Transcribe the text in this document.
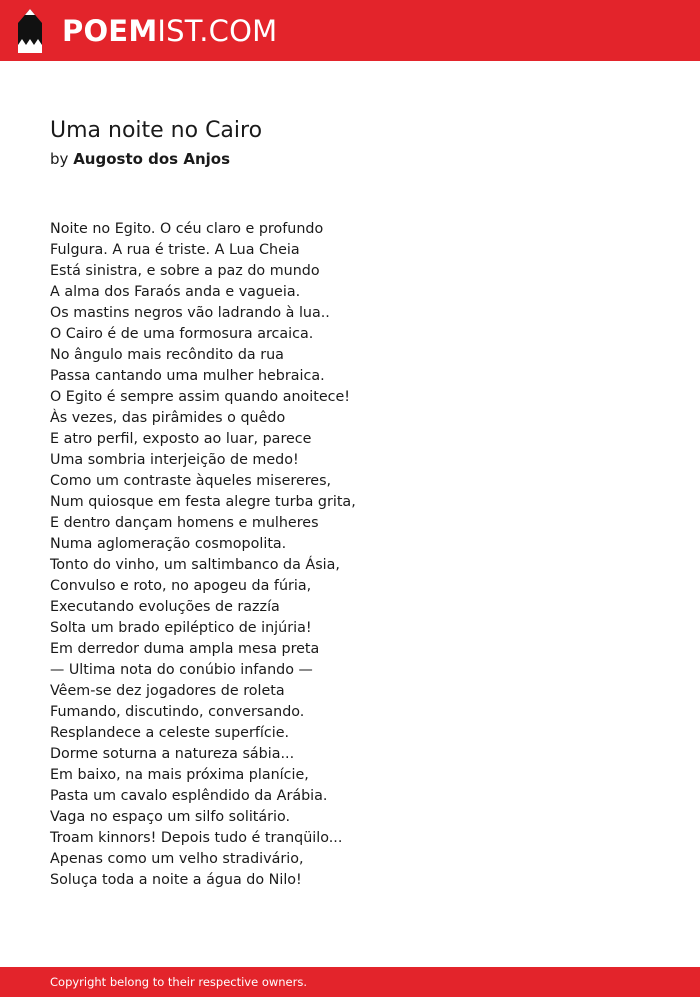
POEMIST.COM
Uma noite no Cairo
by Augosto dos Anjos
Noite no Egito. O céu claro e profundo
Fulgura. A rua é triste. A Lua Cheia
Está sinistra, e sobre a paz do mundo
A alma dos Faraós anda e vagueia.
Os mastins negros vão ladrando à lua..
O Cairo é de uma formosura arcaica.
No ângulo mais recôndito da rua
Passa cantando uma mulher hebraica.
O Egito é sempre assim quando anoitece!
Às vezes, das pirâmides o quêdo
E atro perfil, exposto ao luar, parece
Uma sombria interjeição de medo!
Como um contraste àqueles misereres,
Num quiosque em festa alegre turba grita,
E dentro dançam homens e mulheres
Numa aglomeração cosmopolita.
Tonto do vinho, um saltimbanco da Ásia,
Convulso e roto, no apogeu da fúria,
Executando evoluções de razzía
Solta um brado epiléptico de injúria!
Em derredor duma ampla mesa preta
— Ultima nota do conúbio infando —
Vêem-se dez jogadores de roleta
Fumando, discutindo, conversando.
Resplandece a celeste superfície.
Dorme soturna a natureza sábia...
Em baixo, na mais próxima planície,
Pasta um cavalo esplêndido da Arábia.
Vaga no espaço um silfo solitário.
Troam kinnors! Depois tudo é tranqüilo...
Apenas como um velho stradivário,
Soluça toda a noite a água do Nilo!
Copyright belong to their respective owners.
